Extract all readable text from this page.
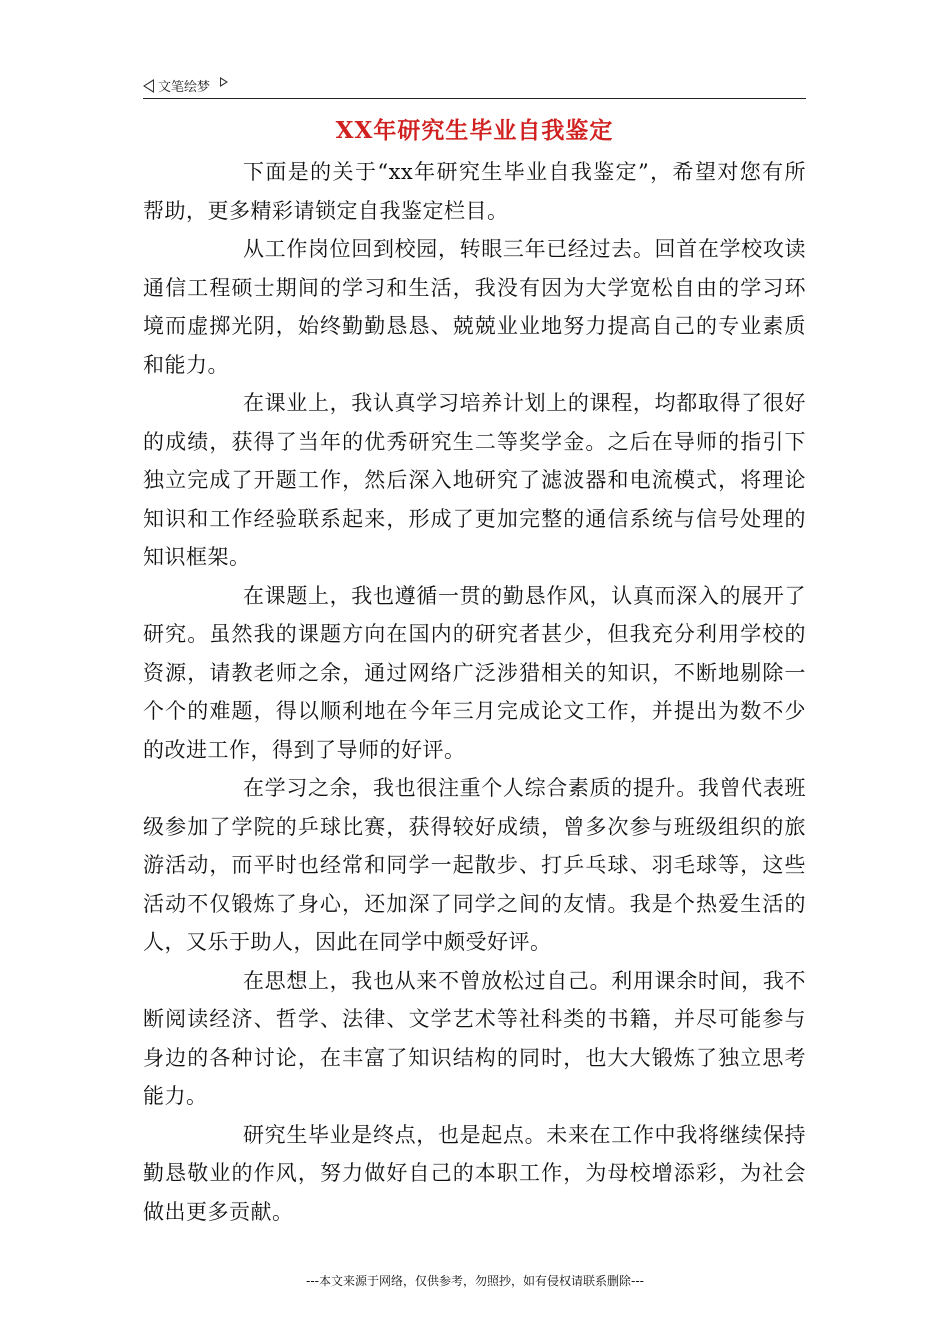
文笔绘梦
XX年研究生毕业自我鉴定

下面是的关于“xx年研究生毕业自我鉴定”，希望对您有所帮助，更多精彩请锁定自我鉴定栏目。

从工作岗位回到校园，转眼三年已经过去。回首在学校攻读通信工程硕士期间的学习和生活，我没有因为大学宽松自由的学习环境而虚掷光阴，始终勤勤恳恳、兢兢业业地努力提高自己的专业素质和能力。

在课业上，我认真学习培养计划上的课程，均都取得了很好的成绩，获得了当年的优秀研究生二等奖学金。之后在导师的指引下独立完成了开题工作，然后深入地研究了滤波器和电流模式，将理论知识和工作经验联系起来，形成了更加完整的通信系统与信号处理的知识框架。

在课题上，我也遵循一贯的勤恳作风，认真而深入的展开了研究。虽然我的课题方向在国内的研究者甚少，但我充分利用学校的资源，请教老师之余，通过网络广泛涉猎相关的知识，不断地剔除一个个的难题，得以顺利地在今年三月完成论文工作，并提出为数不少的改进工作，得到了导师的好评。

在学习之余，我也很注重个人综合素质的提升。我曾代表班级参加了学院的乒球比赛，获得较好成绩，曾多次参与班级组织的旅游活动，而平时也经常和同学一起散步、打乒乓球、羽毛球等，这些活动不仅锻炼了身心，还加深了同学之间的友情。我是个热爱生活的人，又乐于助人，因此在同学中颇受好评。

在思想上，我也从来不曾放松过自己。利用课余时间，我不断阅读经济、哲学、法律、文学艺术等社科类的书籍，并尽可能参与身边的各种讨论，在丰富了知识结构的同时，也大大锻炼了独立思考能力。

研究生毕业是终点，也是起点。未来在工作中我将继续保持勤恳敬业的作风，努力做好自己的本职工作，为母校增添彩，为社会做出更多贡献。

---本文来源于网络，仅供参考，勿照抄，如有侵权请联系删除---
